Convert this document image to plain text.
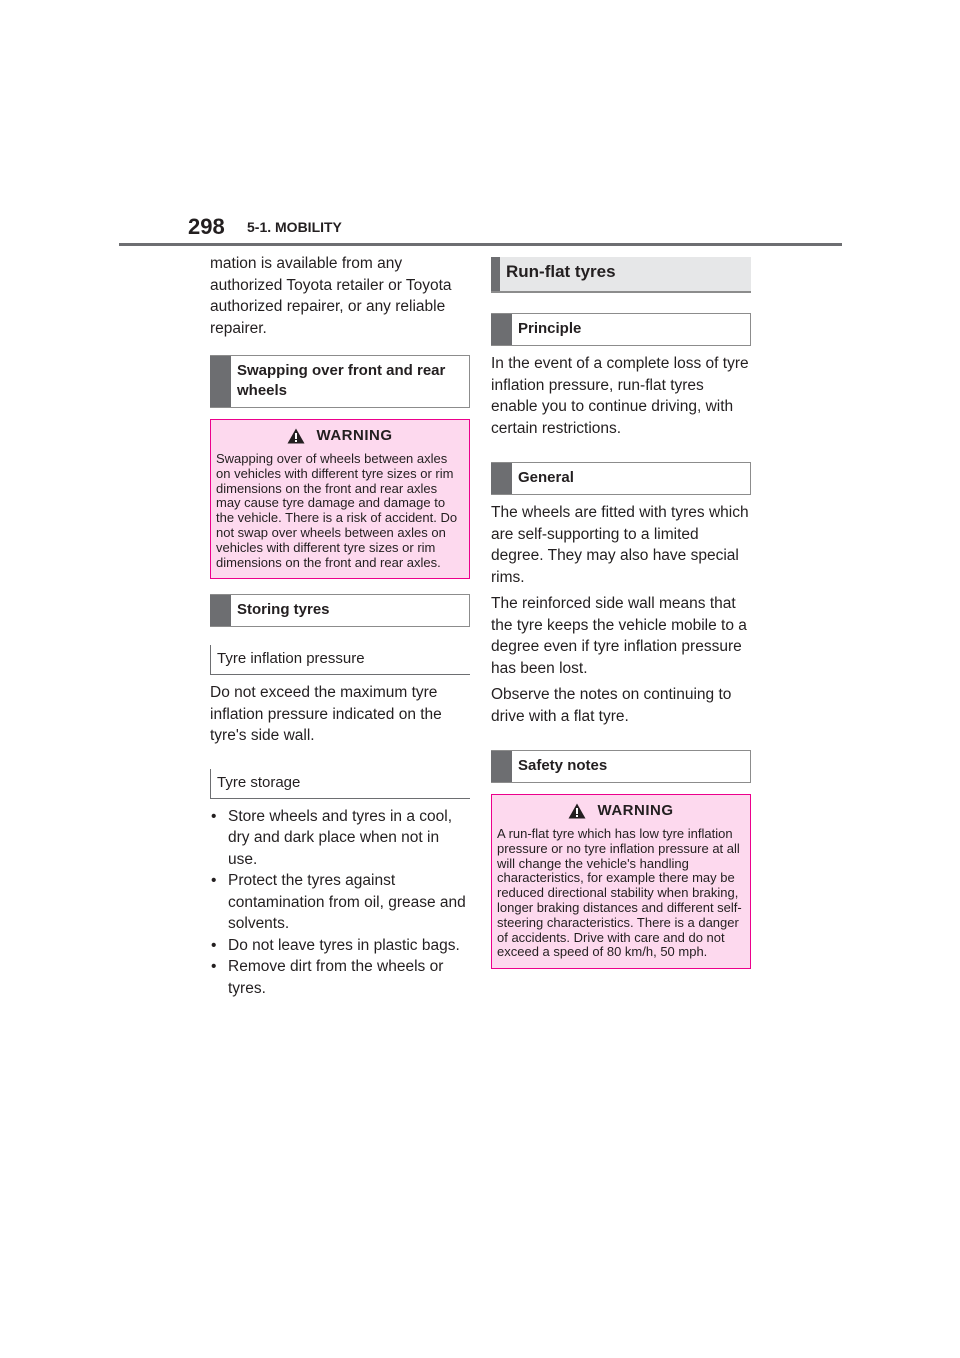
298 5-1. MOBILITY

mation is available from any authorized Toyota retailer or Toyota authorized repairer, or any reliable repairer.

Swapping over front and rear wheels
WARNING

Swapping over of wheels between axles on vehicles with different tyre sizes or rim dimensions on the front and rear axles may cause tyre damage and damage to the vehicle. There is a risk of accident. Do not swap over wheels between axles on vehicles with different tyre sizes or rim dimensions on the front and rear axles.

Storing tyres
Tyre inflation pressure

Do not exceed the maximum tyre inflation pressure indicated on the tyre's side wall.

Tyre storage
• Store wheels and tyres in a cool, dry and dark place when not in use.
• Protect the tyres against contamination from oil, grease and solvents.
• Do not leave tyres in plastic bags.
• Remove dirt from the wheels or tyres.
Run-flat tyres
Principle

In the event of a complete loss of tyre inflation pressure, run-flat tyres enable you to continue driving, with certain restrictions.

General

The wheels are fitted with tyres which are self-supporting to a limited degree. They may also have special rims.

The reinforced side wall means that the tyre keeps the vehicle mobile to a degree even if tyre inflation pressure has been lost.

Observe the notes on continuing to drive with a flat tyre.

Safety notes
WARNING

A run-flat tyre which has low tyre inflation pressure or no tyre inflation pressure at all will change the vehicle's handling characteristics, for example there may be reduced directional stability when braking, longer braking distances and different self-steering characteristics. There is a danger of accidents. Drive with care and do not exceed a speed of 80 km/h, 50 mph.
